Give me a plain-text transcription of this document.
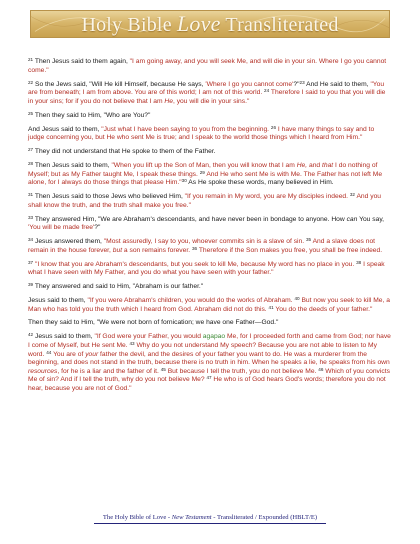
Holy Bible Love Transliterated

$^{21}$ Then Jesus said to them again, "I am going away, and you will seek Me, and will die in your sin. Where I go you cannot come."

$^{22}$ So the Jews said, "Will He kill Himself, because He says, 'Where I go you cannot come'?"$^{23}$ And He said to them, "You are from beneath; I am from above. You are of this world; I am not of this world. $^{24}$ Therefore I said to you that you will die in your sins; for if you do not believe that I am He, you will die in your sins."

$^{25}$ Then they said to Him, "Who are You?"

And Jesus said to them, "Just what I have been saying to you from the beginning. $^{26}$ I have many things to say and to judge concerning you, but He who sent Me is true; and I speak to the world those things which I heard from Him."

$^{27}$ They did not understand that He spoke to them of the Father.

$^{28}$ Then Jesus said to them, "When you lift up the Son of Man, then you will know that I am He, and that I do nothing of Myself; but as My Father taught Me, I speak these things. $^{29}$ And He who sent Me is with Me. The Father has not left Me alone, for I always do those things that please Him."$^{30}$ As He spoke these words, many believed in Him.

$^{31}$ Then Jesus said to those Jews who believed Him, "If you remain in My word, you are My disciples indeed. $^{32}$ And you shall know the truth, and the truth shall make you free."

$^{33}$ They answered Him, "We are Abraham's descendants, and have never been in bondage to anyone. How can You say, 'You will be made free'?"

$^{34}$ Jesus answered them, "Most assuredly, I say to you, whoever commits sin is a slave of sin. $^{35}$ And a slave does not remain in the house forever, but a son remains forever. $^{36}$ Therefore if the Son makes you free, you shall be free indeed.

$^{37}$ "I know that you are Abraham's descendants, but you seek to kill Me, because My word has no place in you. $^{38}$ I speak what I have seen with My Father, and you do what you have seen with your father."

$^{39}$ They answered and said to Him, "Abraham is our father."

Jesus said to them, "If you were Abraham's children, you would do the works of Abraham. $^{40}$ But now you seek to kill Me, a Man who has told you the truth which I heard from God. Abraham did not do this. $^{41}$ You do the deeds of your father."

Then they said to Him, "We were not born of fornication; we have one Father—God."

$^{42}$ Jesus said to them, "If God were your Father, you would agapao Me, for I proceeded forth and came from God; nor have I come of Myself, but He sent Me. $^{43}$ Why do you not understand My speech? Because you are not able to listen to My word. $^{44}$ You are of your father the devil, and the desires of your father you want to do. He was a murderer from the beginning, and does not stand in the truth, because there is no truth in him. When he speaks a lie, he speaks from his own resources, for he is a liar and the father of it. $^{45}$ But because I tell the truth, you do not believe Me. $^{46}$ Which of you convicts Me of sin? And if I tell the truth, why do you not believe Me? $^{47}$ He who is of God hears God's words; therefore you do not hear, because you are not of God."

The Holy Bible of Love - New Testament - Transliterated / Expounded (HBLT/E)
